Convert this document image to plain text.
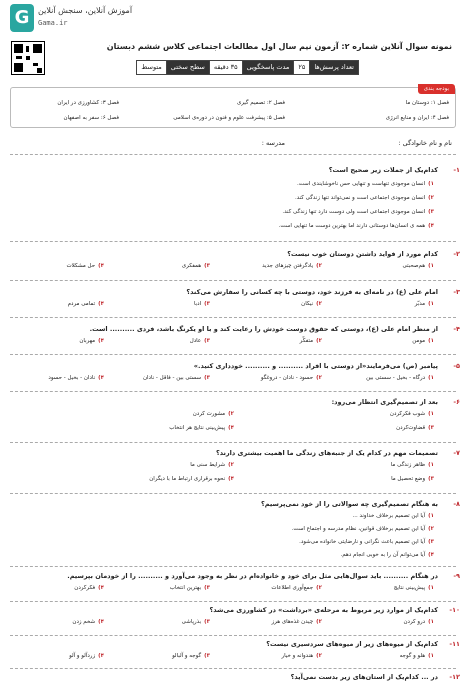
G	آموزش آنلاین، سنجش آنلاین
Gama.ir
نمونه سوال آنلاین شماره ۲: آزمون نیم سال اول مطالعات اجتماعی کلاس ششم دبستان
تعداد پرسش‌ها
۲۵
مدت پاسخگویی
۳۵ دقیقه
سطح سختی
متوسط
بودجه بندی
فصل ۱: دوستان ما
فصل ۲: تصمیم گیری
فصل ۳: کشاورزی در ایران
فصل ۴: ایران و منابع انرژی
فصل ۵: پیشرفت علوم و فنون در دوره‌ی اسلامی
فصل ۶: سفر به اصفهان
نام و نام خانوادگی :
مدرسه :
۱-
کدام‌یک از جملات زیر صحیح است؟
۱)انسان موجودی تنهاست و تنهایی حس ناخوشایندی است.
۲)انسان موجودی اجتماعی است و نمی‌تواند تنها زندگی کند.
۳)انسان موجودی اجتماعی است ولی دوست دارد تنها زندگی کند.
۴)همه ی انسان‌ها دوستانی دارند اما بهترین دوست ما تنهایی است.
۲-
کدام مورد از فواید داشتن دوستان خوب نیست؟
۱)هم‌صحبتی
۲)یادگرفتن چیزهای جدید
۳)همفکری
۴)حل مشکلات
۳-
امام علی (ع) در نامه‌ای به فرزند خود، دوستی با چه کسانی را سفارش می‌کند؟
۱)مدبّر
۲)نیکان
۳)ادبا
۴)تمامی مردم
۴-
از منظر امام علی (ع)، دوستی که حقوق دوست خودش را رعایت کند و با او یکرنگ باشد، فردی .......... است.
۱)مومن
۲)متفکّر
۳)عادل
۴)مهربان
۵-
پیامبر (ص) می‌فرمایند«از دوستی با افراد .......... و .......... خودداری کنید.»
۱)درگاه - بخیل - سستی بین
۲)حسود - نادان - دروغگو
۳)سستی بین - فاقل - نادان
۴)نادان - بخیل - حسود
۶-
بعد از تصمیم‌گیری انتظار می‌رود:
۱)شوب فکرکردن
۲)مشورت کردن
۳)قضاوت‌کردن
۴)پیش‌بینی نتایج هر انتخاب
۷-
تصمیمات مهم در کدام یک از جنبه‌های زندگی ما اهمیت بیشتری دارند؟
۱)ظاهر زندگی ما
۲)شرایط سنی ما
۳)وضع تحصیل ما
۴)نحوه برقراری ارتباط ما با دیگران
۸-
به هنگام تصمیم‌گیری چه سوالاتی را از خود نمی‌پرسیم؟
۱)آیا این تصمیم برخلاف خداوند ...
۲)آیا این تصمیم برخلاف قوانین، نظام مدرسه و اجتماع است.
۳)آیا این تصمیم باعث نگرانی و نارضایتی خانواده می‌شود.
۴)آیا می‌توانم آن را به خوبی انجام دهم.
۹-
در هنگام .......... باید سوال‌هایی مثل برای خود و خانواده‌ام در نظر به وجود می‌آورد و .......... را از خودمان بپرسیم.
۱)پیش‌بینی نتایج
۲)جمع‌آوری اطلاعات
۳)بهترین انتخاب
۴)فکرکردن
۱۰-
کدام‌یک از موارد زیر مربوط به مرحله‌ی «برداشت» در کشاورزی می‌شد؟
۱)درو کردن
۲)چیدن غذه‌های هرز
۳)بذرپاشی
۴)شخم زدن
۱۱-
کدام‌یک از میوه‌های زیر از میوه‌های سردسیری نیست؟
۱)هلو و گوجه
۲)هندوانه و خیار
۳)گوجه و آلبالو
۴)زردآلو و آلو
۱۲-
در ... کدام‌یک از استان‌های زیر بدست نمی‌آید؟
